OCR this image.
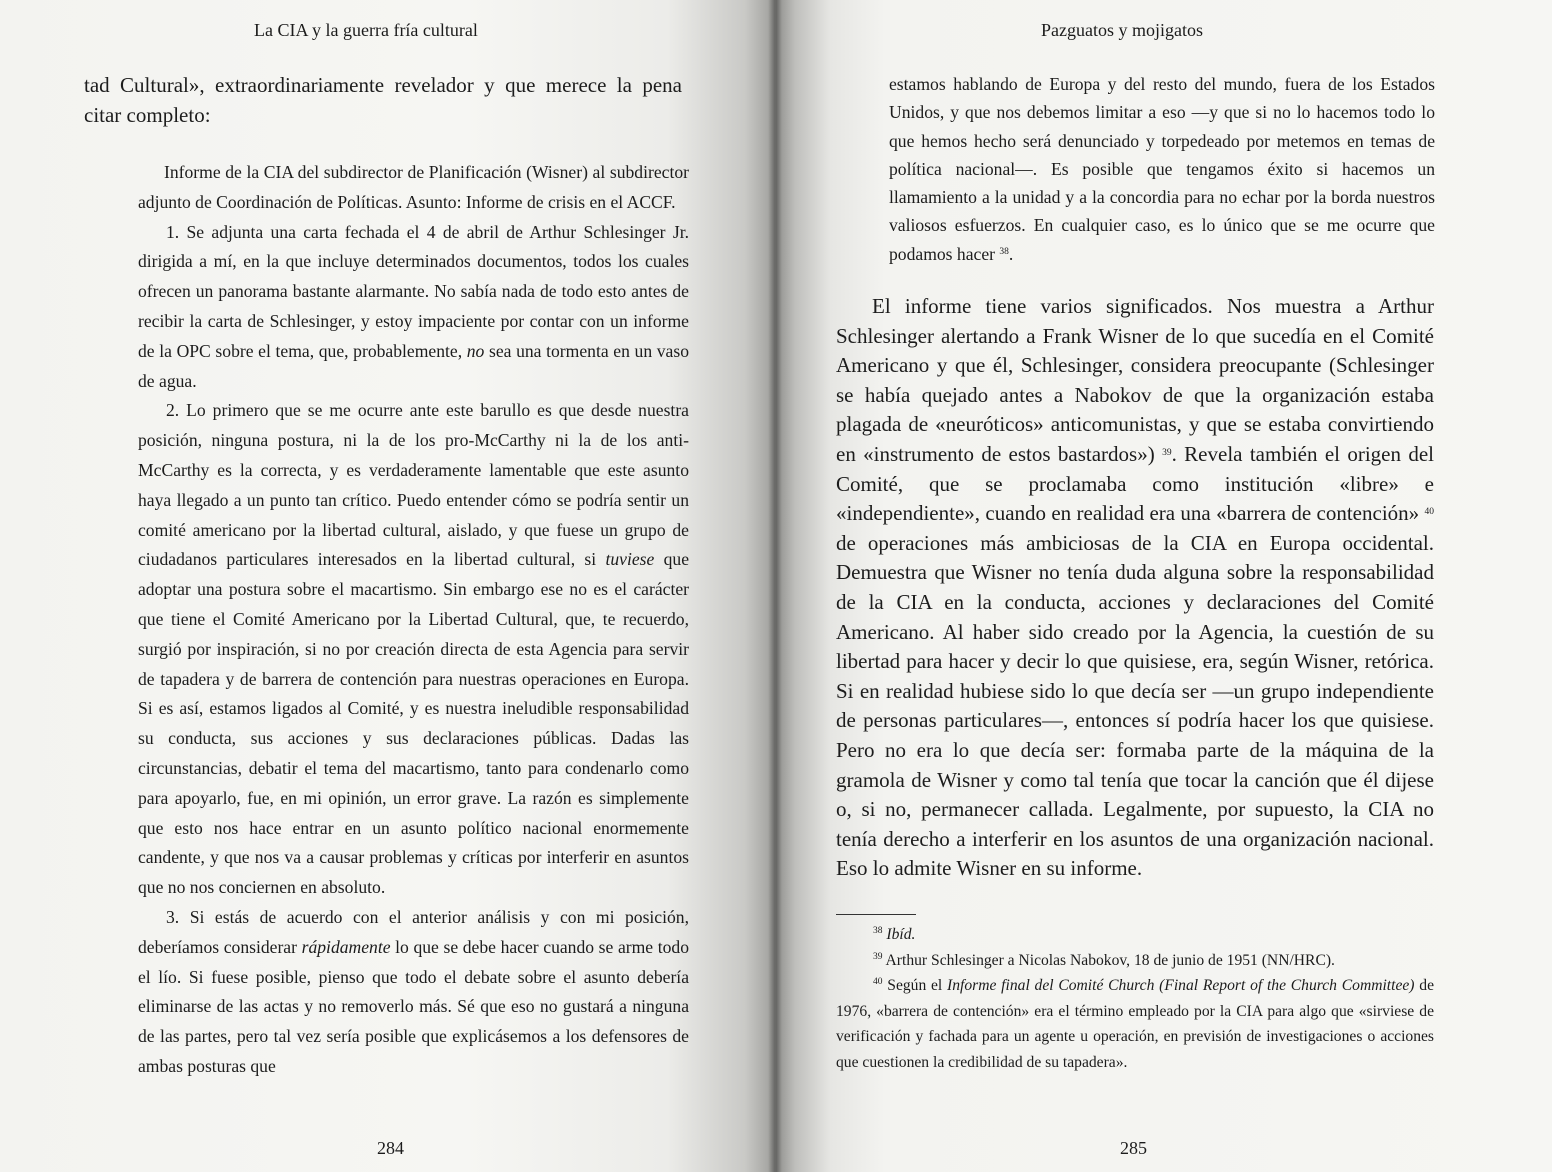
La CIA y la guerra fría cultural

tad Cultural», extraordinariamente revelador y que merece la pena citar completo:

Informe de la CIA del subdirector de Planificación (Wisner) al subdirector adjunto de Coordinación de Políticas. Asunto: Informe de crisis en el ACCF.

1. Se adjunta una carta fechada el 4 de abril de Arthur Schlesinger Jr. dirigida a mí, en la que incluye determinados documentos, todos los cuales ofrecen un panorama bastante alarmante. No sabía nada de todo esto antes de recibir la carta de Schlesinger, y estoy impaciente por contar con un informe de la OPC sobre el tema, que, probablemente, no sea una tormenta en un vaso de agua.

2. Lo primero que se me ocurre ante este barullo es que desde nuestra posición, ninguna postura, ni la de los pro-McCarthy ni la de los anti-McCarthy es la correcta, y es verdaderamente lamentable que este asunto haya llegado a un punto tan crítico. Puedo entender cómo se podría sentir un comité americano por la libertad cultural, aislado, y que fuese un grupo de ciudadanos particulares interesados en la libertad cultural, si tuviese que adoptar una postura sobre el macartismo. Sin embargo ese no es el carácter que tiene el Comité Americano por la Libertad Cultural, que, te recuerdo, surgió por inspiración, si no por creación directa de esta Agencia para servir de tapadera y de barrera de contención para nuestras operaciones en Europa. Si es así, estamos ligados al Comité, y es nuestra ineludible responsabilidad su conducta, sus acciones y sus declaraciones públicas. Dadas las circunstancias, debatir el tema del macartismo, tanto para condenarlo como para apoyarlo, fue, en mi opinión, un error grave. La razón es simplemente que esto nos hace entrar en un asunto político nacional enormemente candente, y que nos va a causar problemas y críticas por interferir en asuntos que no nos conciernen en absoluto.

3. Si estás de acuerdo con el anterior análisis y con mi posición, deberíamos considerar rápidamente lo que se debe hacer cuando se arme todo el lío. Si fuese posible, pienso que todo el debate sobre el asunto debería eliminarse de las actas y no removerlo más. Sé que eso no gustará a ninguna de las partes, pero tal vez sería posible que explicásemos a los defensores de ambas posturas que

284
Pazguatos y mojigatos

estamos hablando de Europa y del resto del mundo, fuera de los Estados Unidos, y que nos debemos limitar a eso —y que si no lo hacemos todo lo que hemos hecho será denunciado y torpedeado por metemos en temas de política nacional—. Es posible que tengamos éxito si hacemos un llamamiento a la unidad y a la concordia para no echar por la borda nuestros valiosos esfuerzos. En cualquier caso, es lo único que se me ocurre que podamos hacer $^{38}$.

El informe tiene varios significados. Nos muestra a Arthur Schlesinger alertando a Frank Wisner de lo que sucedía en el Comité Americano y que él, Schlesinger, considera preocupante (Schlesinger se había quejado antes a Nabokov de que la organización estaba plagada de «neuróticos» anticomunistas, y que se estaba convirtiendo en «instrumento de estos bastardos») $^{39}$. Revela también el origen del Comité, que se proclamaba como institución «libre» e «independiente», cuando en realidad era una «barrera de contención» $^{40}$ de operaciones más ambiciosas de la CIA en Europa occidental. Demuestra que Wisner no tenía duda alguna sobre la responsabilidad de la CIA en la conducta, acciones y declaraciones del Comité Americano. Al haber sido creado por la Agencia, la cuestión de su libertad para hacer y decir lo que quisiese, era, según Wisner, retórica. Si en realidad hubiese sido lo que decía ser —un grupo independiente de personas particulares—, entonces sí podría hacer los que quisiese. Pero no era lo que decía ser: formaba parte de la máquina de la gramola de Wisner y como tal tenía que tocar la canción que él dijese o, si no, permanecer callada. Legalmente, por supuesto, la CIA no tenía derecho a interferir en los asuntos de una organización nacional. Eso lo admite Wisner en su informe.

$^{38}$ Ibíd.

$^{39}$ Arthur Schlesinger a Nicolas Nabokov, 18 de junio de 1951 (NN/HRC).

$^{40}$ Según el Informe final del Comité Church (Final Report of the Church Committee) de 1976, «barrera de contención» era el término empleado por la CIA para algo que «sirviese de verificación y fachada para un agente u operación, en previsión de investigaciones o acciones que cuestionen la credibilidad de su tapadera».

285
